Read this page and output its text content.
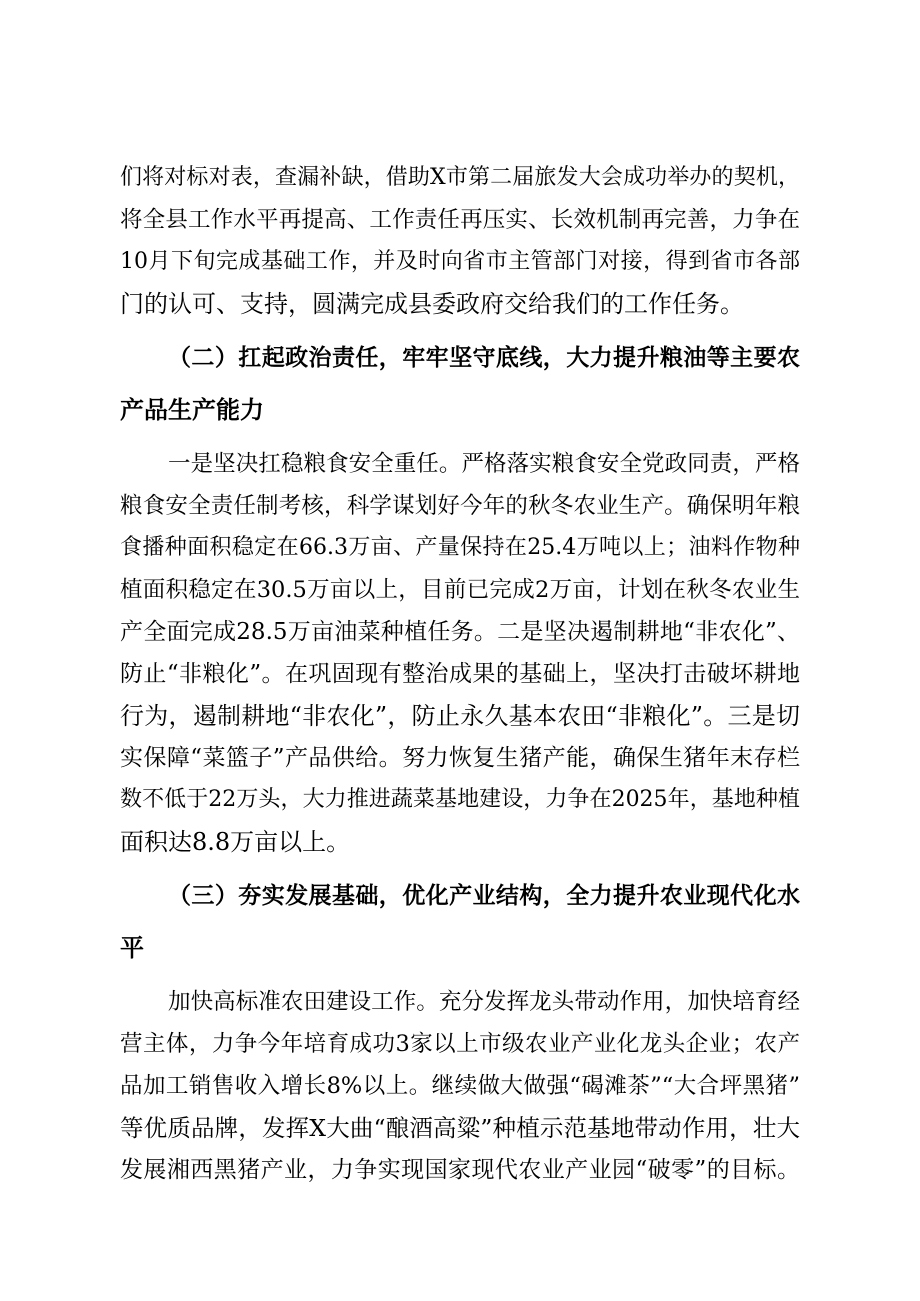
们将对标对表，查漏补缺，借助X市第二届旅发大会成功举办的契机，
将全县工作水平再提高、工作责任再压实、长效机制再完善，力争在
10月下旬完成基础工作，并及时向省市主管部门对接，得到省市各部
门的认可、支持，圆满完成县委政府交给我们的工作任务。
（二）扛起政治责任，牢牢坚守底线，大力提升粮油等主要农
产品生产能力
一是坚决扛稳粮食安全重任。严格落实粮食安全党政同责，严格
粮食安全责任制考核，科学谋划好今年的秋冬农业生产。确保明年粮
食播种面积稳定在66.3万亩、产量保持在25.4万吨以上；油料作物种
植面积稳定在30.5万亩以上，目前已完成2万亩，计划在秋冬农业生
产全面完成28.5万亩油菜种植任务。二是坚决遏制耕地“非农化”、
防止“非粮化”。在巩固现有整治成果的基础上，坚决打击破坏耕地
行为，遏制耕地“非农化”，防止永久基本农田“非粮化”。三是切
实保障“菜篮子”产品供给。努力恢复生猪产能，确保生猪年末存栏
数不低于22万头，大力推进蔬菜基地建设，力争在2025年，基地种植
面积达8.8万亩以上。
（三）夯实发展基础，优化产业结构，全力提升农业现代化水
平
加快高标准农田建设工作。充分发挥龙头带动作用，加快培育经
营主体，力争今年培育成功3家以上市级农业产业化龙头企业；农产
品加工销售收入增长8%以上。继续做大做强“碣滩茶”“大合坪黑猪”
等优质品牌，发挥X大曲“酿酒高粱”种植示范基地带动作用，壮大
发展湘西黑猪产业，力争实现国家现代农业产业园“破零”的目标。
